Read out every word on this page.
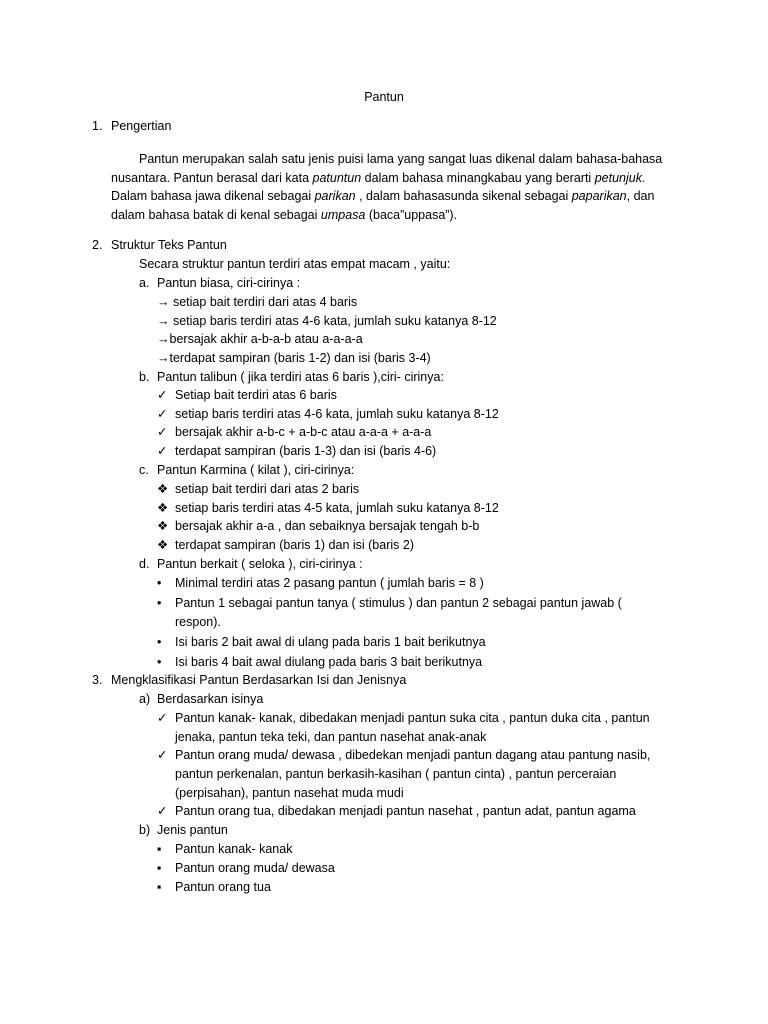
Pantun
1. Pengertian
Pantun merupakan salah satu jenis puisi lama yang sangat luas dikenal dalam bahasa-bahasa
nusantara. Pantun berasal dari kata patuntun dalam bahasa minangkabau yang berarti petunjuk.
Dalam bahasa jawa dikenal sebagai parikan , dalam bahasasunda sikenal sebagai paparikan, dan
dalam bahasa batak di kenal sebagai umpasa (baca”uppasa”).
2. Struktur Teks Pantun
Secara struktur pantun terdiri atas empat macam , yaitu:
a. Pantun biasa, ciri-cirinya :
→ setiap bait terdiri dari atas 4 baris
→ setiap baris terdiri atas 4-6 kata, jumlah suku katanya 8-12
→bersajak akhir a-b-a-b atau a-a-a-a
→terdapat sampiran (baris 1-2) dan isi (baris 3-4)
b. Pantun talibun ( jika terdiri atas 6 baris ),ciri- cirinya:
✓ Setiap bait terdiri atas 6 baris
✓ setiap baris terdiri atas 4-6 kata, jumlah suku katanya 8-12
✓ bersajak akhir a-b-c + a-b-c atau a-a-a + a-a-a
✓ terdapat sampiran (baris 1-3) dan isi (baris 4-6)
c. Pantun Karmina ( kilat ), ciri-cirinya:
❖ setiap bait terdiri dari atas 2 baris
❖ setiap baris terdiri atas 4-5 kata, jumlah suku katanya 8-12
❖ bersajak akhir a-a , dan sebaiknya bersajak tengah b-b
❖ terdapat sampiran (baris 1) dan isi (baris 2)
d. Pantun berkait ( seloka ), ciri-cirinya :
• Minimal terdiri atas 2 pasang pantun ( jumlah baris = 8 )
• Pantun 1 sebagai pantun tanya ( stimulus ) dan pantun 2 sebagai pantun jawab (
respon).
• Isi baris 2 bait awal di ulang pada baris 1 bait berikutnya
• Isi baris 4 bait awal diulang pada baris 3 bait berikutnya
3. Mengklasifikasi Pantun Berdasarkan Isi dan Jenisnya
a) Berdasarkan isinya
✓ Pantun kanak- kanak, dibedakan menjadi pantun suka cita , pantun duka cita , pantun
jenaka, pantun teka teki, dan pantun nasehat anak-anak
✓ Pantun orang muda/ dewasa , dibedekan menjadi pantun dagang atau pantung nasib,
pantun perkenalan, pantun berkasih-kasihan ( pantun cinta) , pantun perceraian
(perpisahan), pantun nasehat muda mudi
✓ Pantun orang tua, dibedakan menjadi pantun nasehat , pantun adat, pantun agama
b) Jenis pantun
▪ Pantun kanak- kanak
▪ Pantun orang muda/ dewasa
▪ Pantun orang tua
